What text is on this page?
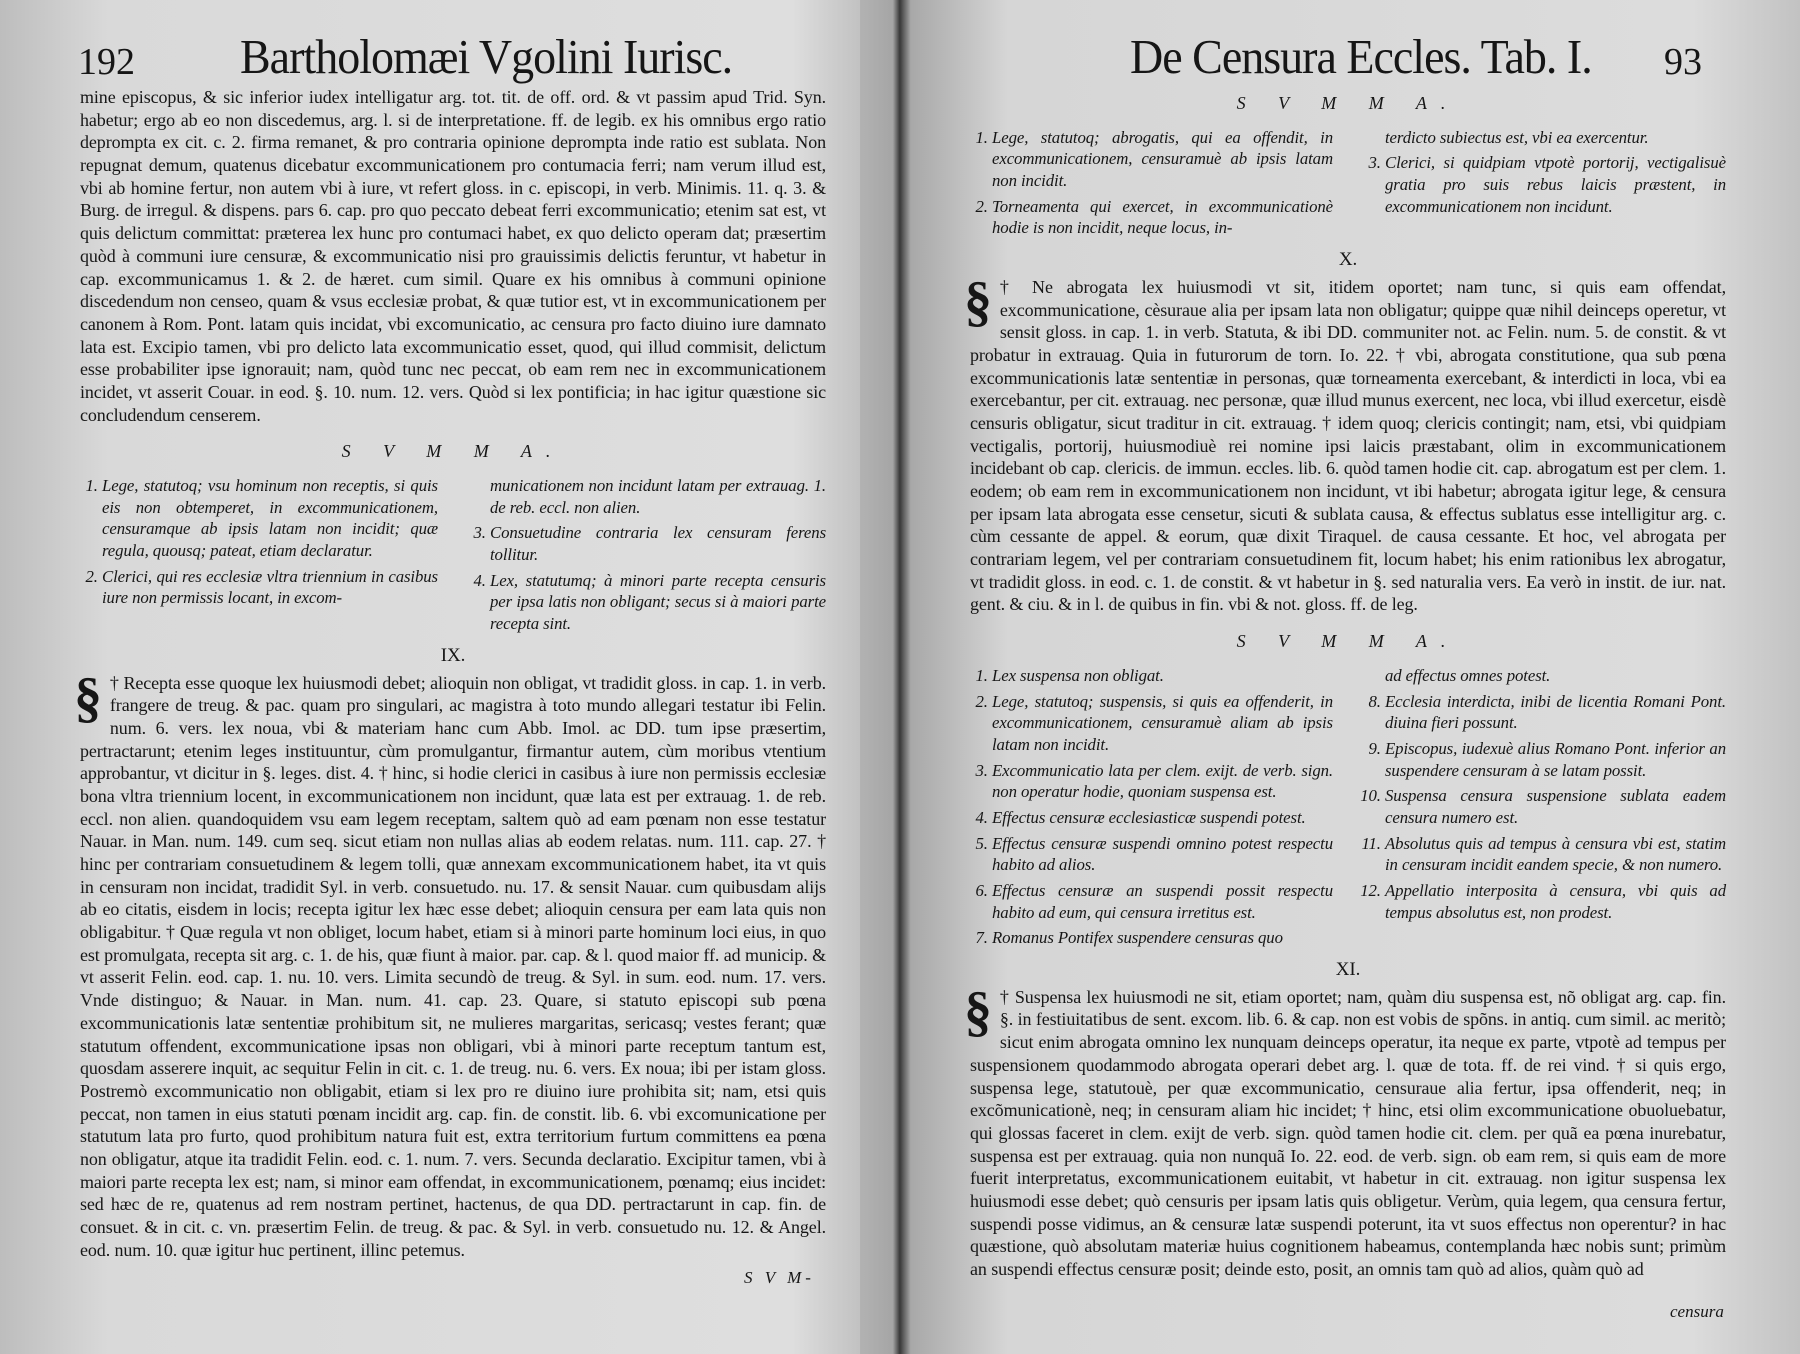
192 Bartholomæi Vgolini Iurisc.

mine episcopus, & sic inferior iudex intelligatur arg. tot. tit. de off. ord. & vt passim apud Trid. Syn. habetur; ergo ab eo non discedemus, arg. l. si de interpretatione. ff. de legib. ex his omnibus ergo ratio deprompta ex cit. c. 2. firma remanet, & pro contraria opinione deprompta inde ratio est sublata. Non repugnat demum, quatenus dicebatur excommunicationem pro contumacia ferri; nam verum illud est, vbi ab homine fertur, non autem vbi à iure, vt refert gloss. in c. episcopi, in verb. Minimis. 11. q. 3. & Burg. de irregul. & dispens. pars 6. cap. pro quo peccato debeat ferri excommunicatio; etenim sat est, vt quis delictum committat: præterea lex hunc pro contumaci habet, ex quo delicto operam dat; præsertim quòd à communi iure censuræ, & excommunicatio nisi pro grauissimis delictis feruntur, vt habetur in cap. excommunicamus 1. & 2. de hæret. cum simil. Quare ex his omnibus à communi opinione discedendum non censeo, quam & vsus ecclesiæ probat, & quæ tutior est, vt in excommunicationem per canonem à Rom. Pont. latam quis incidat, vbi excomunicatio, ac censura pro facto diuino iure damnato lata est. Excipio tamen, vbi pro delicto lata excommunicatio esset, quod, qui illud commisit, delictum esse probabiliter ipse ignorauit; nam, quòd tunc nec peccat, ob eam rem nec in excommunicationem incidet, vt asserit Couar. in eod. §. 10. num. 12. vers. Quòd si lex pontificia; in hac igitur quæstione sic concludendum censerem.

S V M M A.
1. Lege, statutoq; vsu hominum non receptis, si quis eis non obtemperet, in excommunicationem, censuramque ab ipsis latam non incidit; quæ regula, quousq; pateat, etiam declaratur.
2. Clerici, qui res ecclesiæ vltra triennium in casibus iure non permissis locant, in excom-
municationem non incidunt latam per extrauag. 1. de reb. eccl. non alien.
3. Consuetudine contraria lex censuram ferens tollitur.
4. Lex, statutumq; à minori parte recepta censuris per ipsa latis non obligant; secus si à maiori parte recepta sint.
IX.
§ † Recepta esse quoque lex huiusmodi debet; alioquin non obligat, vt tradidit gloss. in cap. 1. in verb. frangere de treug. & pac. quam pro singulari, ac magistra à toto mundo allegari testatur ibi Felin. num. 6. vers. lex noua, vbi & materiam hanc cum Abb. Imol. ac DD. tum ipse præsertim, pertractarunt; etenim leges instituuntur, cùm promulgantur, firmantur autem, cùm moribus vtentium approbantur, vt dicitur in §. leges. dist. 4. † hinc, si hodie clerici in casibus à iure non permissis ecclesiæ bona vltra triennium locent, in excommunicationem non incidunt, quæ lata est per extrauag. 1. de reb. eccl. non alien. quandoquidem vsu eam legem receptam, saltem quò ad eam pœnam non esse testatur Nauar. in Man. num. 149. cum seq. sicut etiam non nullas alias ab eodem relatas. num. 111. cap. 27. † hinc per contrariam consuetudinem & legem tolli, quæ annexam excommunicationem habet, ita vt quis in censuram non incidat, tradidit Syl. in verb. consuetudo. nu. 17. & sensit Nauar. cum quibusdam alijs ab eo citatis, eisdem in locis; recepta igitur lex hæc esse debet; alioquin censura per eam lata quis non obligabitur. † Quæ regula vt non obliget, locum habet, etiam si à minori parte hominum loci eius, in quo est promulgata, recepta sit arg. c. 1. de his, quæ fiunt à maior. par. cap. & l. quod maior ff. ad municip. & vt asserit Felin. eod. cap. 1. nu. 10. vers. Limita secundò de treug. & Syl. in sum. eod. num. 17. vers. Vnde distinguo; & Nauar. in Man. num. 41. cap. 23. Quare, si statuto episcopi sub pœna excommunicationis latæ sententiæ prohibitum sit, ne mulieres margaritas, sericasq; vestes ferant; quæ statutum offendent, excommunicatione ipsas non obligari, vbi à minori parte receptum tantum est, quosdam asserere inquit, ac sequitur Felin in cit. c. 1. de treug. nu. 6. vers. Ex noua; ibi per istam gloss. Postremò excommunicatio non obligabit, etiam si lex pro re diuino iure prohibita sit; nam, etsi quis peccat, non tamen in eius statuti pœnam incidit arg. cap. fin. de constit. lib. 6. vbi excomunicatione per statutum lata pro furto, quod prohibitum natura fuit est, extra territorium furtum committens ea pœna non obligatur, atque ita tradidit Felin. eod. c. 1. num. 7. vers. Secunda declaratio. Excipitur tamen, vbi à maiori parte recepta lex est; nam, si minor eam offendat, in excommunicationem, pœnamq; eius incidet: sed hæc de re, quatenus ad rem nostram pertinet, hactenus, de qua DD. pertractarunt in cap. fin. de consuet. & in cit. c. vn. præsertim Felin. de treug. & pac. & Syl. in verb. consuetudo nu. 12. & Angel. eod. num. 10. quæ igitur huc pertinent, illinc petemus.
S V M-
De Censura Eccles. Tab. I. 93
S V M M A.
1. Lege, statutoq; abrogatis, qui ea offendit, in excommunicationem, censuramuè ab ipsis latam non incidit.
2. Torneamenta qui exercet, in excommunicationè hodie is non incidit, neque locus, in-
terdicto subiectus est, vbi ea exercentur.
3. Clerici, si quidpiam vtpotè portorij, vectigalisuè gratia pro suis rebus laicis præstent, in excommunicationem non incidunt.
X.
§ † Ne abrogata lex huiusmodi vt sit, itidem oportet; nam tunc, si quis eam offendat, excommunicatione, cèsuraue alia per ipsam lata non obligatur; quippe quæ nihil deinceps operetur, vt sensit gloss. in cap. 1. in verb. Statuta, & ibi DD. communiter not. ac Felin. num. 5. de constit. & vt probatur in extrauag. Quia in futurorum de torn. Io. 22. † vbi, abrogata constitutione, qua sub pœna excommunicationis latæ sententiæ in personas, quæ torneamenta exercebant, & interdicti in loca, vbi ea exercebantur, per cit. extrauag. nec personæ, quæ illud munus exercent, nec loca, vbi illud exercetur, eisdè censuris obligatur, sicut traditur in cit. extrauag. † idem quoq; clericis contingit; nam, etsi, vbi quidpiam vectigalis, portorij, huiusmodiuè rei nomine ipsi laicis præstabant, olim in excommunicationem incidebant ob cap. clericis. de immun. eccles. lib. 6. quòd tamen hodie cit. cap. abrogatum est per clem. 1. eodem; ob eam rem in excommunicationem non incidunt, vt ibi habetur; abrogata igitur lege, & censura per ipsam lata abrogata esse censetur, sicuti & sublata causa, & effectus sublatus esse intelligitur arg. c. cùm cessante de appel. & eorum, quæ dixit Tiraquel. de causa cessante. Et hoc, vel abrogata per contrariam legem, vel per contrariam consuetudinem fit, locum habet; his enim rationibus lex abrogatur, vt tradidit gloss. in eod. c. 1. de constit. & vt habetur in §. sed naturalia vers. Ea verò in instit. de iur. nat. gent. & ciu. & in l. de quibus in fin. vbi & not. gloss. ff. de leg.
S V M M A.
1. Lex suspensa non obligat.
2. Lege, statutoq; suspensis, si quis ea offenderit, in excommunicationem, censuramuè aliam ab ipsis latam non incidit.
3. Excommunicatio lata per clem. exijt. de verb. sign. non operatur hodie, quoniam suspensa est.
4. Effectus censuræ ecclesiasticæ suspendi potest.
5. Effectus censuræ suspendi omnino potest respectu habito ad alios.
6. Effectus censuræ an suspendi possit respectu habito ad eum, qui censura irretitus est.
7. Romanus Pontifex suspendere censuras quo
ad effectus omnes potest.
8. Ecclesia interdicta, inibi de licentia Romani Pont. diuina fieri possunt.
9. Episcopus, iudexuè alius Romano Pont. inferior an suspendere censuram à se latam possit.
10. Suspensa censura suspensione sublata eadem censura numero est.
11. Absolutus quis ad tempus à censura vbi est, statim in censuram incidit eandem specie, & non numero.
12. Appellatio interposita à censura, vbi quis ad tempus absolutus est, non prodest.
XI.
§ † Suspensa lex huiusmodi ne sit, etiam oportet; nam, quàm diu suspensa est, nõ obligat arg. cap. fin. §. in festiuitatibus de sent. excom. lib. 6. & cap. non est vobis de spõns. in antiq. cum simil. ac meritò; sicut enim abrogata omnino lex nunquam deinceps operatur, ita neque ex parte, vtpotè ad tempus per suspensionem quodammodo abrogata operari debet arg. l. quæ de tota. ff. de rei vind. † si quis ergo, suspensa lege, statutouè, per quæ excommunicatio, censuraue alia fertur, ipsa offenderit, neq; in excõmunicationè, neq; in censuram aliam hic incidet; † hinc, etsi olim excommunicatione obuoluebatur, qui glossas faceret in clem. exijt de verb. sign. quòd tamen hodie cit. clem. per quã ea pœna inurebatur, suspensa est per extrauag. quia non nunquã Io. 22. eod. de verb. sign. ob eam rem, si quis eam de more fuerit interpretatus, excommunicationem euitabit, vt habetur in cit. extrauag. non igitur suspensa lex huiusmodi esse debet; quò censuris per ipsam latis quis obligetur. Verùm, quia legem, qua censura fertur, suspendi posse vidimus, an & censuræ latæ suspendi poterunt, ita vt suos effectus non operentur? in hac quæstione, quò absolutam materiæ huius cognitionem habeamus, contemplanda hæc nobis sunt; primùm an suspendi effectus censuræ posit; deinde esto, posit, an omnis tam quò ad alios, quàm quò ad
censura
